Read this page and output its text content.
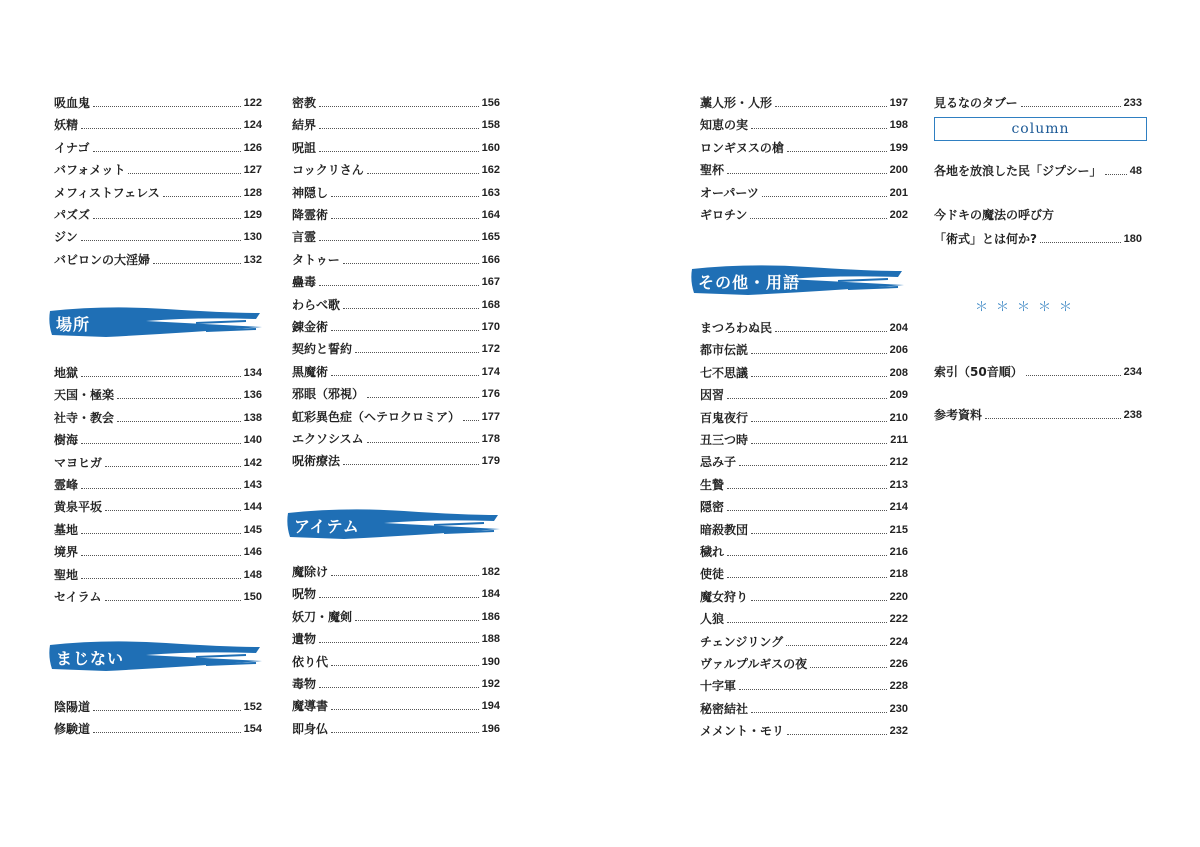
吸血鬼	122
妖精	124
イナゴ	126
バフォメット	127
メフィストフェレス	128
パズズ	129
ジン	130
バビロンの大淫婦	132
場所
地獄	134
天国・極楽	136
社寺・教会	138
樹海	140
マヨヒガ	142
霊峰	143
黄泉平坂	144
墓地	145
境界	146
聖地	148
セイラム	150
まじない
陰陽道	152
修験道	154
密教	156
結界	158
呪詛	160
コックリさん	162
神隠し	163
降霊術	164
言霊	165
タトゥー	166
蠱毒	167
わらべ歌	168
錬金術	170
契約と誓約	172
黒魔術	174
邪眼（邪視）	176
虹彩異色症（ヘテロクロミア） 177
エクソシスム	178
呪術療法	179
アイテム
魔除け	182
呪物	184
妖刀・魔剣	186
遺物	188
依り代	190
毒物	192
魔導書	194
即身仏	196
藁人形・人形	197
知恵の実	198
ロンギヌスの槍	199
聖杯	200
オーパーツ	201
ギロチン	202
その他・用語
まつろわぬ民	204
都市伝説	206
七不思議	208
因習	209
百鬼夜行	210
丑三つ時	211
忌み子	212
生贄	213
隠密	214
暗殺教団	215
穢れ	216
使徒	218
魔女狩り	220
人狼	222
チェンジリング	224
ヴァルプルギスの夜	226
十字軍	228
秘密結社	230
メメント・モリ	232
見るなのタブー	233
各地を放浪した民「ジプシー」	48
今ドキの魔法の呼び方
「術式」とは何か?	180
索引（50音順）	234
参考資料	238
column
＊＊＊＊＊
